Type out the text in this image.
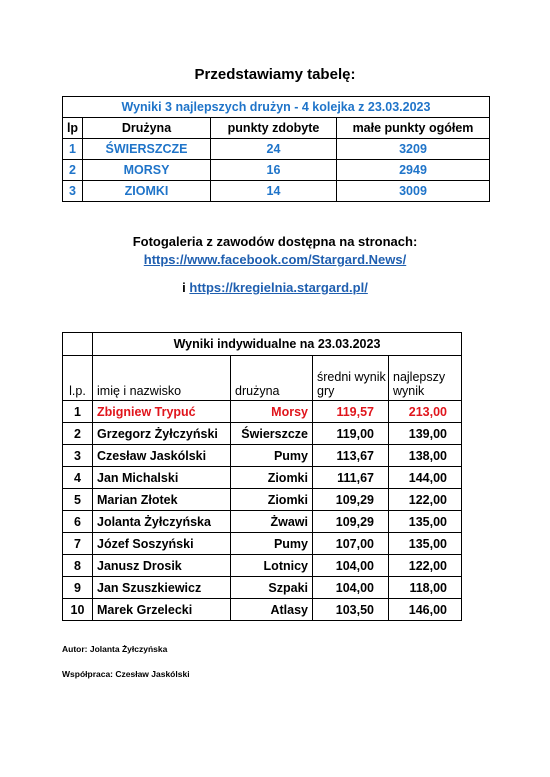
Przedstawiamy tabelę:
Wyniki 3 najlepszych drużyn - 4 kolejka z 23.03.2023			
lp	Drużyna	punkty zdobyte	małe punkty ogółem
1	ŚWIERSZCZE	24	3209
2	MORSY	16	2949
3	ZIOMKI	14	3009
Fotogaleria z zawodów dostępna na stronach:
https://www.facebook.com/Stargard.News/
i https://kregielnia.stargard.pl/
	Wyniki indywidualne na 23.03.2023			
l.p.	imię i nazwisko	drużyna	średni wynik gry	najlepszy wynik
1	Zbigniew Trypuć	Morsy	119,57	213,00
2	Grzegorz Żyłczyński	Świerszcze	119,00	139,00
3	Czesław Jaskólski	Pumy	113,67	138,00
4	Jan Michalski	Ziomki	111,67	144,00
5	Marian Złotek	Ziomki	109,29	122,00
6	Jolanta Żyłczyńska	Żwawi	109,29	135,00
7	Józef Soszyński	Pumy	107,00	135,00
8	Janusz Drosik	Lotnicy	104,00	122,00
9	Jan Szuszkiewicz	Szpaki	104,00	118,00
10	Marek Grzelecki	Atlasy	103,50	146,00
Autor: Jolanta Żyłczyńska
Współpraca: Czesław Jaskólski
